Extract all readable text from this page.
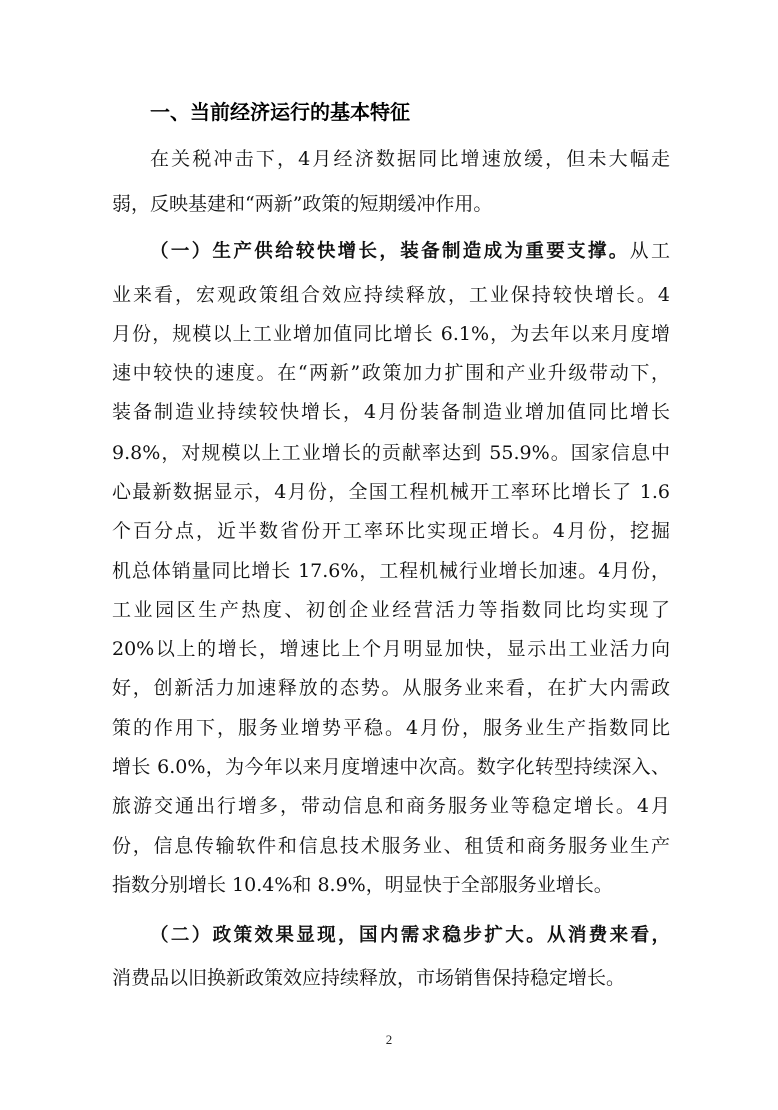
一、当前经济运行的基本特征
在关税冲击下，4月经济数据同比增速放缓，但未大幅走
弱，反映基建和“两新”政策的短期缓冲作用。
（一）生产供给较快增长，装备制造成为重要支撑。从工
业来看，宏观政策组合效应持续释放，工业保持较快增长。4
月份，规模以上工业增加值同比增长 6.1%，为去年以来月度增
速中较快的速度。在“两新”政策加力扩围和产业升级带动下，
装备制造业持续较快增长，4月份装备制造业增加值同比增长
9.8%，对规模以上工业增长的贡献率达到 55.9%。国家信息中
心最新数据显示，4月份，全国工程机械开工率环比增长了 1.6
个百分点，近半数省份开工率环比实现正增长。4月份，挖掘
机总体销量同比增长 17.6%，工程机械行业增长加速。4月份，
工业园区生产热度、初创企业经营活力等指数同比均实现了
20%以上的增长，增速比上个月明显加快，显示出工业活力向
好，创新活力加速释放的态势。从服务业来看，在扩大内需政
策的作用下，服务业增势平稳。4月份，服务业生产指数同比
增长 6.0%，为今年以来月度增速中次高。数字化转型持续深入、
旅游交通出行增多，带动信息和商务服务业等稳定增长。4月
份，信息传输软件和信息技术服务业、租赁和商务服务业生产
指数分别增长 10.4%和 8.9%，明显快于全部服务业增长。
（二）政策效果显现，国内需求稳步扩大。从消费来看，
消费品以旧换新政策效应持续释放，市场销售保持稳定增长。
2
